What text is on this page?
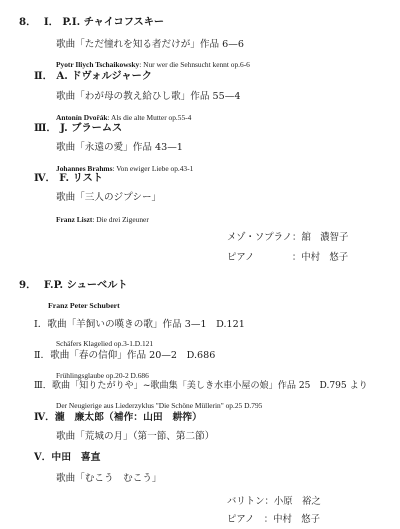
8． Ⅰ． P.I. チャイコフスキー
歌曲「ただ憧れを知る者だけが」作品 6—6
Pyotr Iliych Tschaikowsky: Nur wer die Sehnsucht kennt op.6-6
Ⅱ． A. ドヴォルジャーク
歌曲「わが母の教え給ひし歌」作品 55—4
Antonín Dvořák: Als die alte Mutter op.55-4
Ⅲ． J. ブラームス
歌曲「永遠の愛」作品 43—1
Johannes Brahms: Von ewiger Liebe op.43-1
Ⅳ． F. リスト
歌曲「三人のジプシー」
Franz Liszt: Die drei Zigeuner
メゾ・ソプラノ：舘　濃智子
ピアノ　　　　：中村　悠子
9． F.P. シューベルト
Franz Peter Schubert
Ⅰ．歌曲「羊飼いの嘆きの歌」作品 3—1　D.121
Schäfers Klagelied op.3-1.D.121
Ⅱ．歌曲「春の信仰」作品 20—2　D.686
Frühlingsglaube op.20-2 D.686
Ⅲ．歌曲「知りたがりや」~歌曲集「美しき水車小屋の娘」作品 25　D.795 より
Der Neugierige aus Liederzyklus "Die Schöne Müllerin" op.25 D.795
Ⅳ．瀧　廉太郎（補作：山田　耕筰）
歌曲「荒城の月」（第一節、第二節）
Ⅴ．中田　喜直
歌曲「むこう　むこう」
バリトン：小原　裕之
ピアノ　：中村　悠子
